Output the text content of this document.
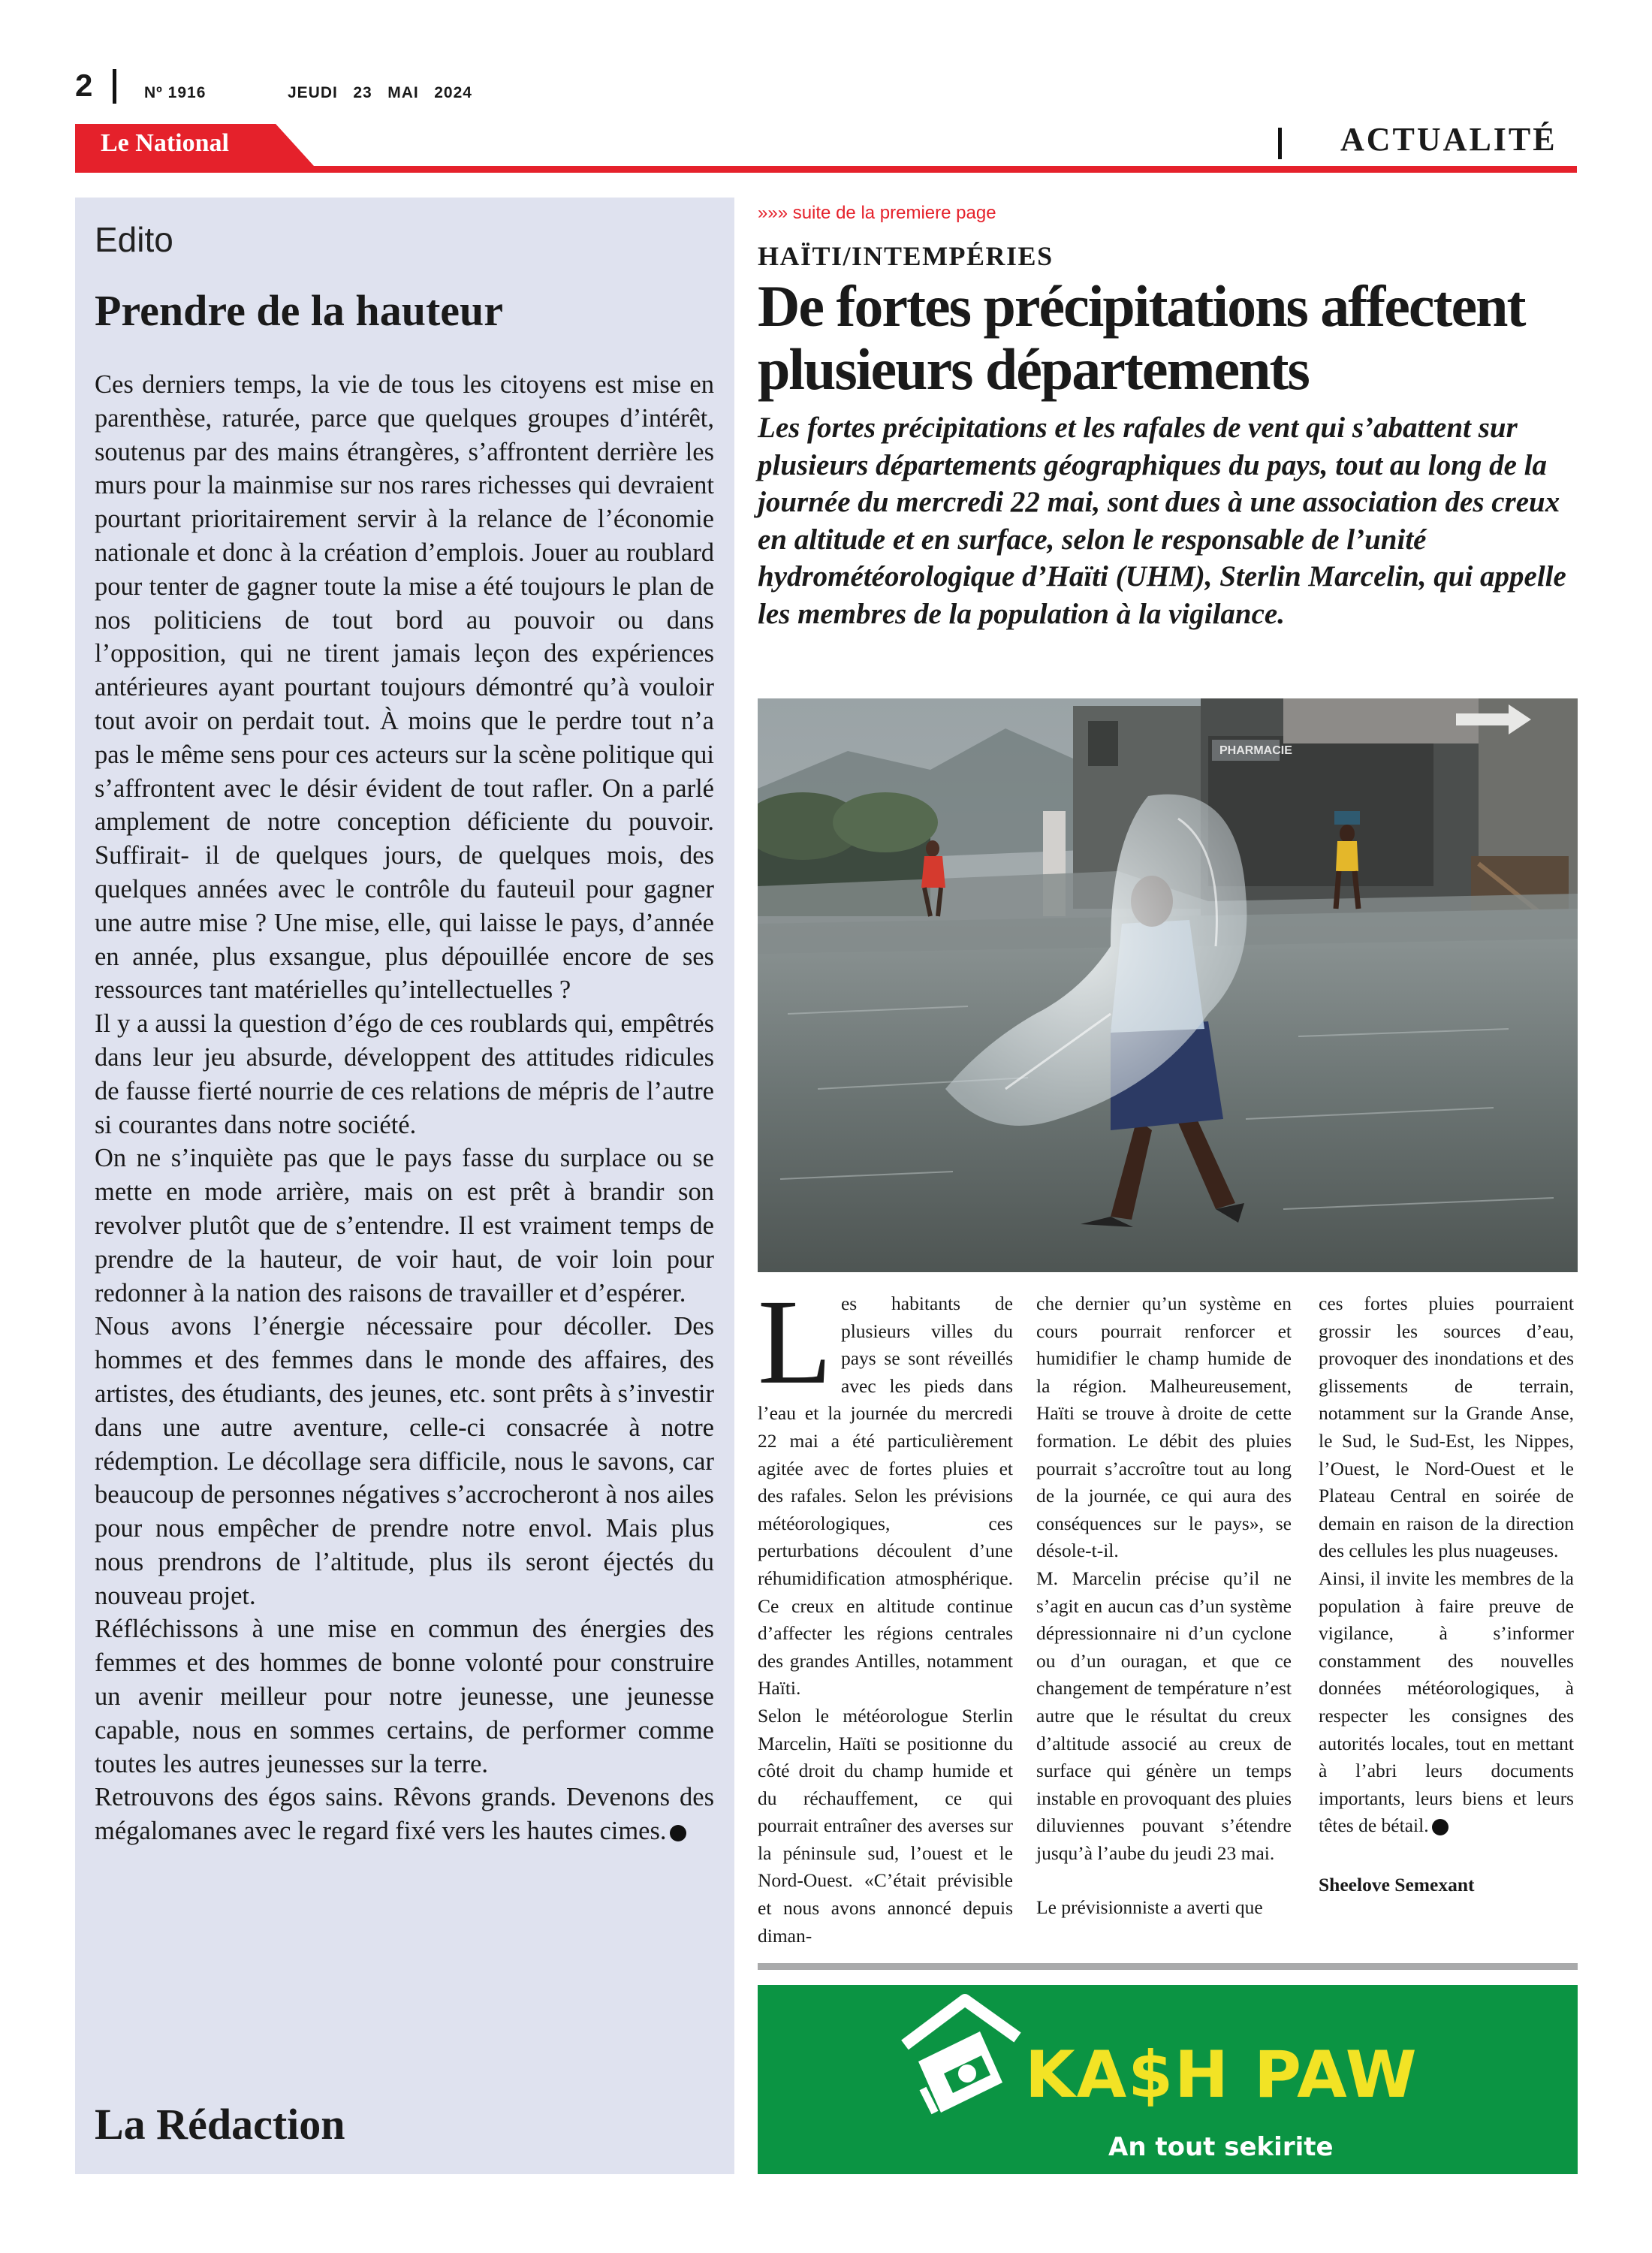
2	Nº 1916	JEUDI   23   MAI   2024
Le National	ACTUALITÉ
Edito
Prendre de la hauteur

Ces derniers temps, la vie de tous les citoyens est mise en parenthèse, raturée, parce que quelques groupes d’intérêt, soutenus par des mains étrangères, s’affrontent derrière les murs pour la mainmise sur nos rares richesses qui devraient pourtant prioritairement servir à la relance de l’économie nationale et donc à la création d’emplois. Jouer au roublard pour tenter de gagner toute la mise a été toujours le plan de nos politiciens de tout bord au pouvoir ou dans l’opposition, qui ne tirent jamais leçon des expériences antérieures ayant pourtant toujours démontré qu’à vouloir tout avoir on perdait tout. À moins que le perdre tout n’a pas le même sens pour ces acteurs sur la scène politique qui s’affrontent avec le désir évident de tout rafler. On a parlé amplement de notre conception déficiente du pouvoir. Suffirait- il de quelques jours, de quelques mois, des quelques années avec le contrôle du fauteuil pour gagner une autre mise ? Une mise, elle, qui laisse le pays, d’année en année, plus exsangue, plus dépouillée encore de ses ressources tant matérielles qu’intellectuelles ?

Il y a aussi la question d’égo de ces roublards qui, empêtrés dans leur jeu absurde, développent des attitudes ridicules de fausse fierté nourrie de ces relations de mépris de l’autre si courantes dans notre société.

On ne s’inquiète pas que le pays fasse du surplace ou se mette en mode arrière, mais on est prêt à brandir son revolver plutôt que de s’entendre. Il est vraiment temps de prendre de la hauteur, de voir haut, de voir loin pour redonner à la nation des raisons de travailler et d’espérer.

Nous avons l’énergie nécessaire pour décoller. Des hommes et des femmes dans le monde des affaires, des artistes, des étudiants, des jeunes, etc. sont prêts à s’investir dans une autre aventure, celle-ci consacrée à notre rédemption. Le décollage sera difficile, nous le savons, car beaucoup de personnes négatives s’accrocheront à nos ailes pour nous empêcher de prendre notre envol. Mais plus nous prendrons de l’altitude, plus ils seront éjectés du nouveau projet.

Réfléchissons à une mise en commun des énergies des femmes et des hommes de bonne volonté pour construire un avenir meilleur pour notre jeunesse, une jeunesse capable, nous en sommes certains, de performer comme toutes les autres jeunesses sur la terre.

Retrouvons des égos sains. Rêvons grands. Devenons des mégalomanes avec le regard fixé vers les hautes cimes.

La Rédaction
»»» suite de la premiere page
HAÏTI/INTEMPÉRIES
De fortes précipitations affectent plusieurs départements

Les fortes précipitations et les rafales de vent qui s’abattent sur plusieurs départements géographiques du pays, tout au long de la journée du mercredi 22 mai, sont dues à une association des creux en altitude et en surface, selon le responsable de l’unité hydrométéorologique d’Haïti (UHM), Sterlin Marcelin, qui appelle les membres de la population à la vigilance.

PHARMACIE
L es habitants de plusieurs villes du pays se sont réveillés avec les pieds dans l’eau et la journée du mercredi 22 mai a été particulièrement agitée avec de fortes pluies et des rafales. Selon les prévisions météorologiques, ces perturbations découlent d’une réhumidification atmosphérique. Ce creux en altitude continue d’affecter les régions centrales des grandes Antilles, notamment Haïti.

Selon le météorologue Sterlin Marcelin, Haïti se positionne du côté droit du champ humide et du réchauffement, ce qui pourrait entraîner des averses sur la péninsule sud, l’ouest et le Nord-Ouest. «C’était prévisible et nous avons annoncé depuis diman-

che dernier qu’un système en cours pourrait renforcer et humidifier le champ humide de la région. Malheureusement, Haïti se trouve à droite de cette formation. Le débit des pluies pourrait s’accroître tout au long de la journée, ce qui aura des conséquences sur le pays», se désole-t-il.

M. Marcelin précise qu’il ne s’agit en aucun cas d’un système dépressionnaire ni d’un cyclone ou d’un ouragan, et que ce changement de température n’est autre que le résultat du creux d’altitude associé au creux de surface qui génère un temps instable en provoquant des pluies diluviennes pouvant s’étendre jusqu’à l’aube du jeudi 23 mai.

Le prévisionniste a averti que

ces fortes pluies pourraient grossir les sources d’eau, provoquer des inondations et des glissements de terrain, notamment sur la Grande Anse, le Sud, le Sud-Est, les Nippes, l’Ouest, le Nord-Ouest et le Plateau Central en soirée de demain en raison de la direction des cellules les plus nuageuses.

Ainsi, il invite les membres de la population à faire preuve de vigilance, à s’informer constamment des nouvelles données météorologiques, à respecter les consignes des autorités locales, tout en mettant à l’abri leurs documents importants, leurs biens et leurs têtes de bétail.

Sheelove Semexant

KA$H PAW
An tout sekirite
